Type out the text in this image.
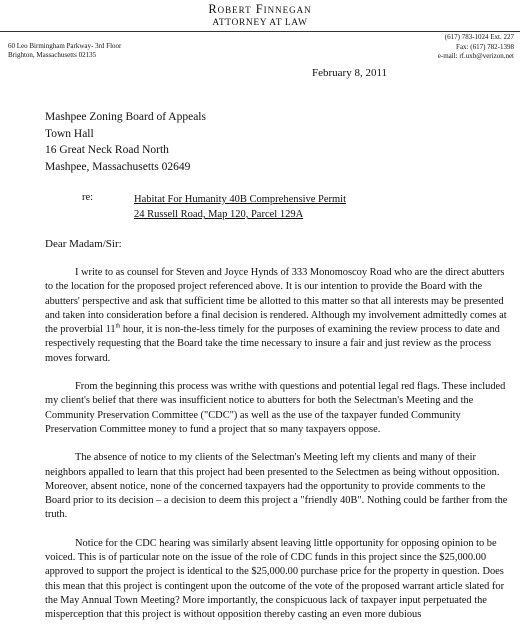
Robert Finnegan
ATTORNEY AT LAW
60 Leo Birmingham Parkway- 3rd Floor
Brighton, Massachusetts 02135
(617) 783-1024 Ext. 227
Fax: (617) 782-1398
e-mail: rf.uxb@verizon.net
February 8, 2011
Mashpee Zoning Board of Appeals
Town Hall
16 Great Neck Road North
Mashpee, Massachusetts 02649
re:	Habitat For Humanity 40B Comprehensive Permit
24 Russell Road, Map 120, Parcel 129A
Dear Madam/Sir:

I write to as counsel for Steven and Joyce Hynds of 333 Monomoscoy Road who are the direct abutters to the location for the proposed project referenced above. It is our intention to provide the Board with the abutters' perspective and ask that sufficient time be allotted to this matter so that all interests may be presented and taken into consideration before a final decision is rendered. Although my involvement admittedly comes at the proverbial 11th hour, it is non-the-less timely for the purposes of examining the review process to date and respectively requesting that the Board take the time necessary to insure a fair and just review as the process moves forward.

From the beginning this process was writhe with questions and potential legal red flags. These included my client's belief that there was insufficient notice to abutters for both the Selectman's Meeting and the Community Preservation Committee ("CDC") as well as the use of the taxpayer funded Community Preservation Committee money to fund a project that so many taxpayers oppose.

The absence of notice to my clients of the Selectman's Meeting left my clients and many of their neighbors appalled to learn that this project had been presented to the Selectmen as being without opposition. Moreover, absent notice, none of the concerned taxpayers had the opportunity to provide comments to the Board prior to its decision – a decision to deem this project a "friendly 40B". Nothing could be farther from the truth.

Notice for the CDC hearing was similarly absent leaving little opportunity for opposing opinion to be voiced. This is of particular note on the issue of the role of CDC funds in this project since the $25,000.00 approved to support the project is identical to the $25,000.00 purchase price for the property in question. Does this mean that this project is contingent upon the outcome of the vote of the proposed warrant article slated for the May Annual Town Meeting? More importantly, the conspicuous lack of taxpayer input perpetuated the misperception that this project is without opposition thereby casting an even more dubious
